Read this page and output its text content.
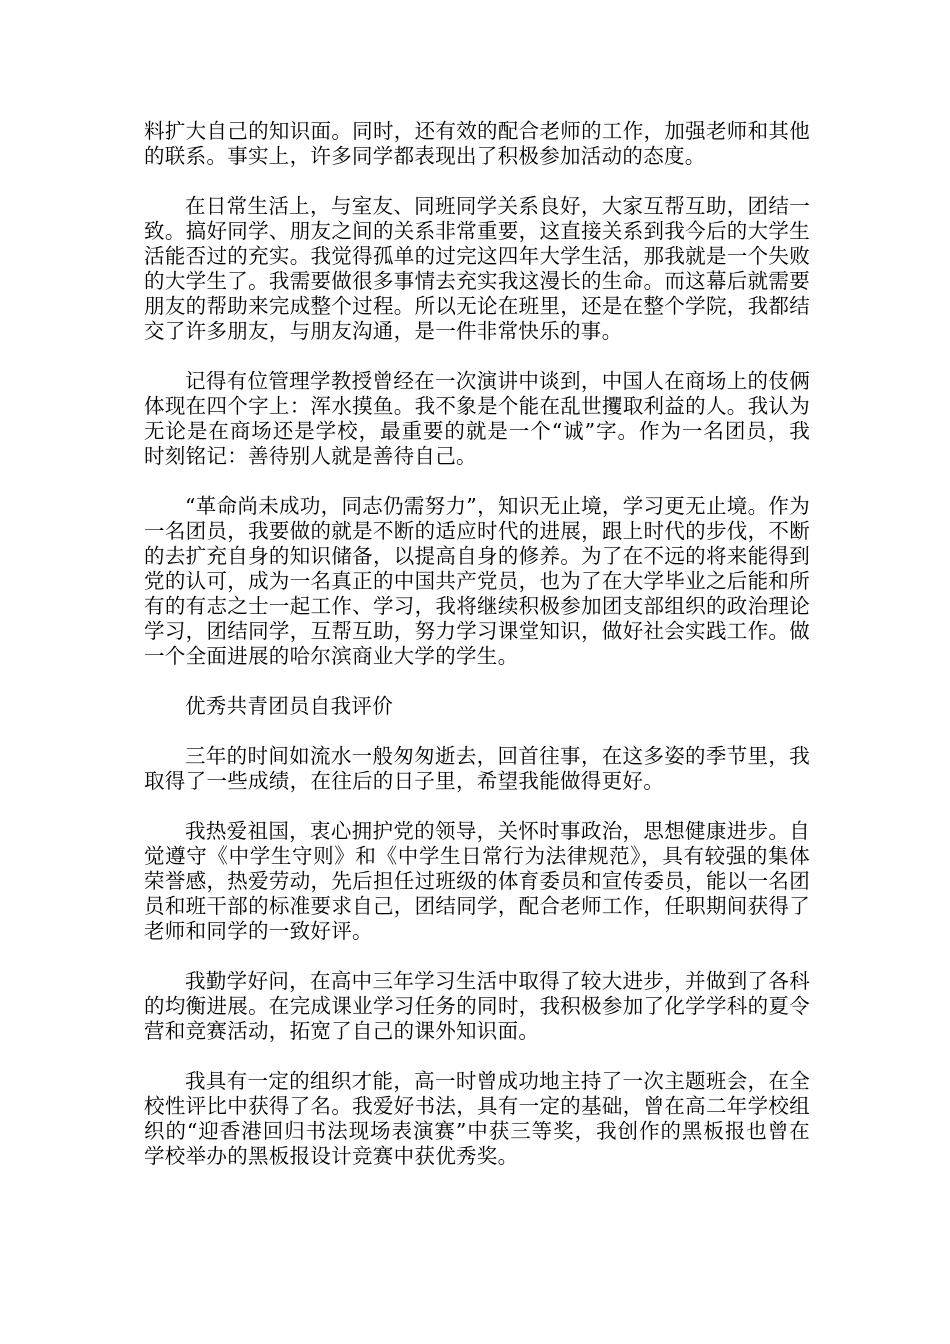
料扩大自己的知识面。同时，还有效的配合老师的工作，加强老师和其他的联系。事实上，许多同学都表现出了积极参加活动的态度。

在日常生活上，与室友、同班同学关系良好，大家互帮互助，团结一致。搞好同学、朋友之间的关系非常重要，这直接关系到我今后的大学生活能否过的充实。我觉得孤单的过完这四年大学生活，那我就是一个失败的大学生了。我需要做很多事情去充实我这漫长的生命。而这幕后就需要朋友的帮助来完成整个过程。所以无论在班里，还是在整个学院，我都结交了许多朋友，与朋友沟通，是一件非常快乐的事。

记得有位管理学教授曾经在一次演讲中谈到，中国人在商场上的伎俩体现在四个字上：浑水摸鱼。我不象是个能在乱世攫取利益的人。我认为无论是在商场还是学校，最重要的就是一个“诚”字。作为一名团员，我时刻铭记：善待别人就是善待自己。

“革命尚未成功，同志仍需努力”，知识无止境，学习更无止境。作为一名团员，我要做的就是不断的适应时代的进展，跟上时代的步伐，不断的去扩充自身的知识储备，以提高自身的修养。为了在不远的将来能得到党的认可，成为一名真正的中国共产党员，也为了在大学毕业之后能和所有的有志之士一起工作、学习，我将继续积极参加团支部组织的政治理论学习，团结同学，互帮互助，努力学习课堂知识，做好社会实践工作。做一个全面进展的哈尔滨商业大学的学生。

优秀共青团员自我评价

三年的时间如流水一般匆匆逝去，回首往事，在这多姿的季节里，我取得了一些成绩，在往后的日子里，希望我能做得更好。

我热爱祖国，衷心拥护党的领导，关怀时事政治，思想健康进步。自觉遵守《中学生守则》和《中学生日常行为法律规范》，具有较强的集体荣誉感，热爱劳动，先后担任过班级的体育委员和宣传委员，能以一名团员和班干部的标准要求自己，团结同学，配合老师工作，任职期间获得了老师和同学的一致好评。

我勤学好问，在高中三年学习生活中取得了较大进步，并做到了各科的均衡进展。在完成课业学习任务的同时，我积极参加了化学学科的夏令营和竞赛活动，拓宽了自己的课外知识面。

我具有一定的组织才能，高一时曾成功地主持了一次主题班会，在全校性评比中获得了名。我爱好书法，具有一定的基础，曾在高二年学校组织的“迎香港回归书法现场表演赛”中获三等奖，我创作的黑板报也曾在学校举办的黑板报设计竞赛中获优秀奖。
